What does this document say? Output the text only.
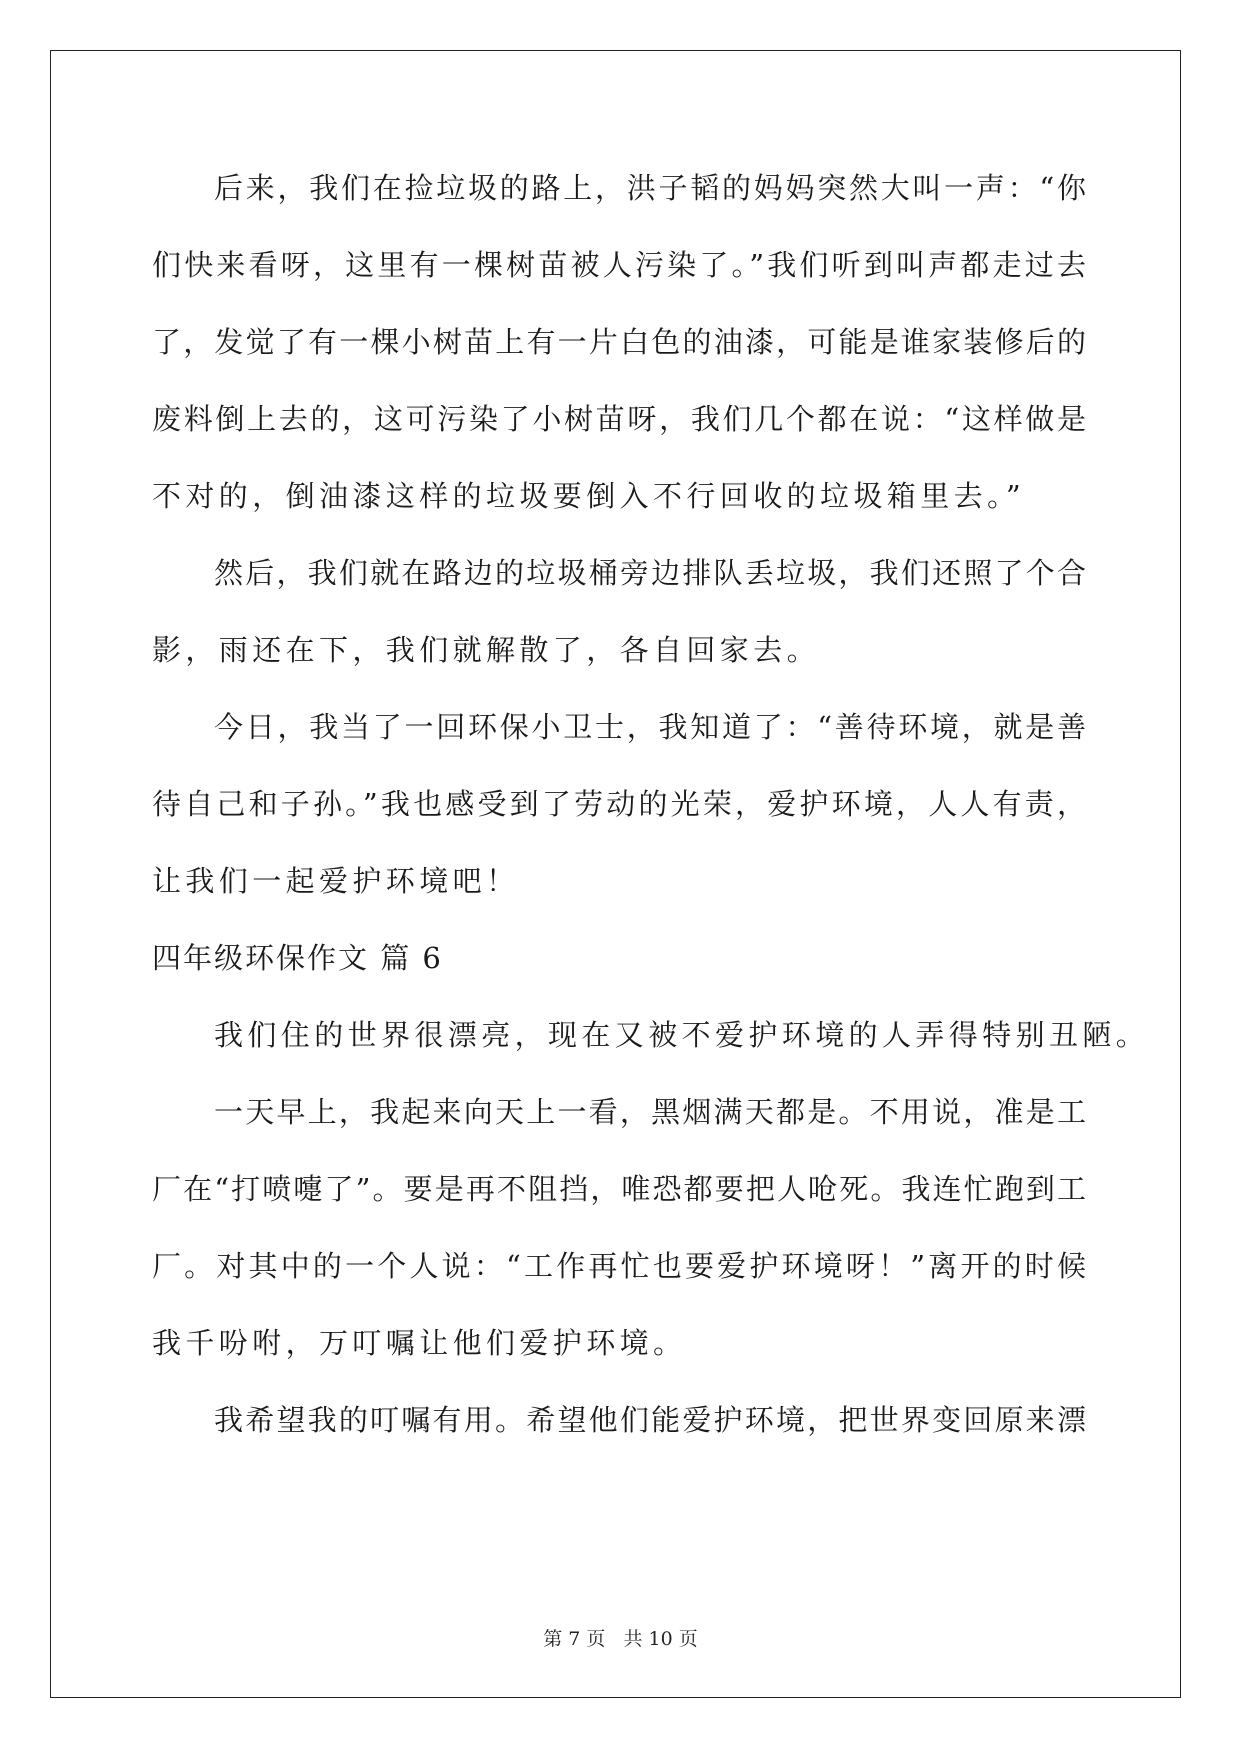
后来，我们在捡垃圾的路上，洪子韬的妈妈突然大叫一声：“你
们快来看呀，这里有一棵树苗被人污染了。”我们听到叫声都走过去
了，发觉了有一棵小树苗上有一片白色的油漆，可能是谁家装修后的
废料倒上去的，这可污染了小树苗呀，我们几个都在说：“这样做是
不对的，倒油漆这样的垃圾要倒入不行回收的垃圾箱里去。”
然后，我们就在路边的垃圾桶旁边排队丢垃圾，我们还照了个合
影，雨还在下，我们就解散了，各自回家去。
今日，我当了一回环保小卫士，我知道了：“善待环境，就是善
待自己和子孙。”我也感受到了劳动的光荣，爱护环境，人人有责，
让我们一起爱护环境吧！
四年级环保作文 篇 6
我们住的世界很漂亮，现在又被不爱护环境的人弄得特别丑陋。
一天早上，我起来向天上一看，黑烟满天都是。不用说，准是工
厂在“打喷嚏了”。要是再不阻挡，唯恐都要把人呛死。我连忙跑到工
厂。对其中的一个人说：“工作再忙也要爱护环境呀！”离开的时候
我千吩咐，万叮嘱让他们爱护环境。
我希望我的叮嘱有用。希望他们能爱护环境，把世界变回原来漂
第 7 页 共 10 页
